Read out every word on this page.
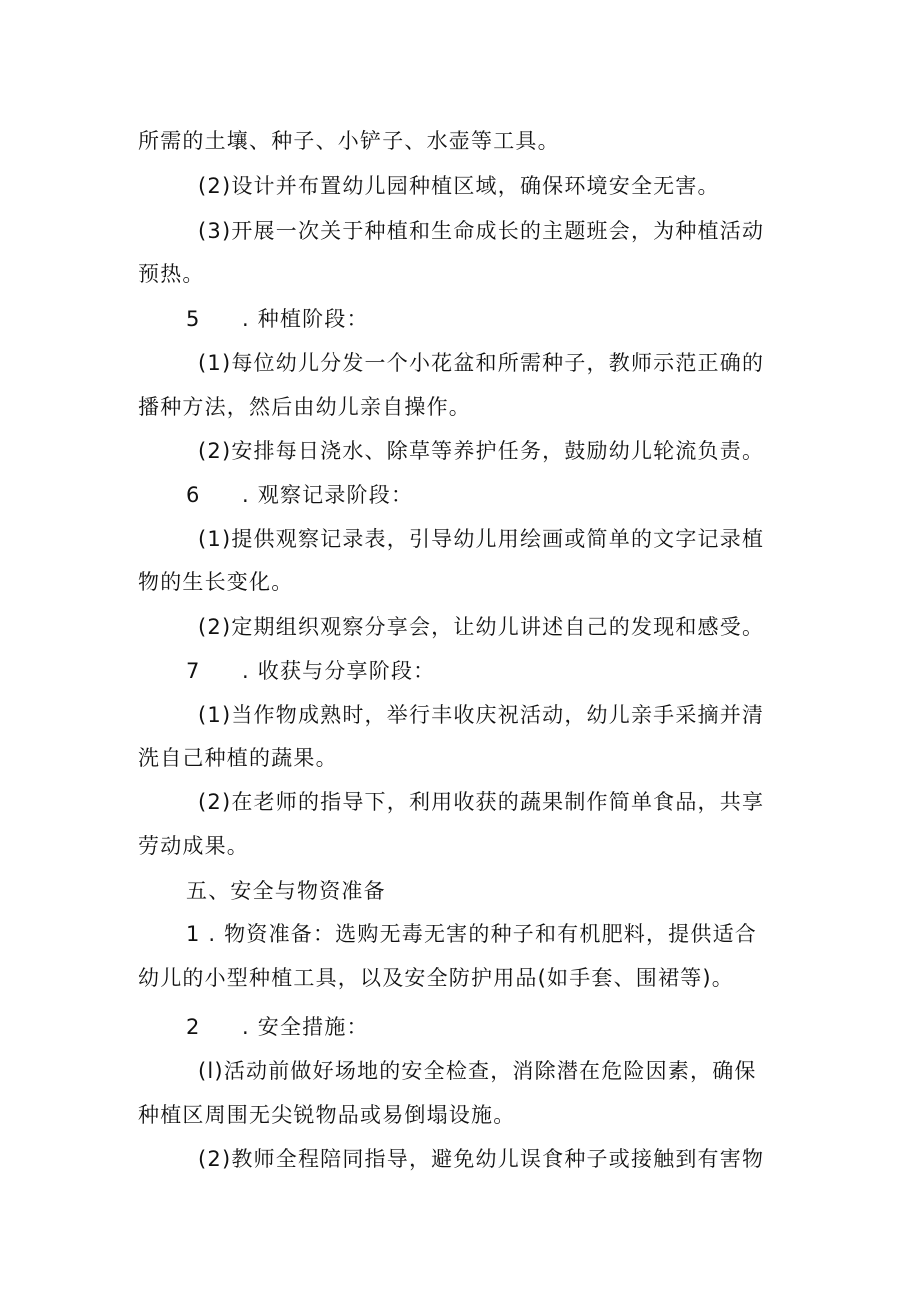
所需的土壤、种子、小铲子、水壶等工具。
(2)设计并布置幼儿园种植区域，确保环境安全无害。
(3)开展一次关于种植和生命成长的主题班会，为种植活动
预热。
5 . 种植阶段：
(1)每位幼儿分发一个小花盆和所需种子，教师示范正确的
播种方法，然后由幼儿亲自操作。
(2)安排每日浇水、除草等养护任务，鼓励幼儿轮流负责。
6 . 观察记录阶段：
(1)提供观察记录表，引导幼儿用绘画或简单的文字记录植
物的生长变化。
(2)定期组织观察分享会，让幼儿讲述自己的发现和感受。
7 . 收获与分享阶段：
(1)当作物成熟时，举行丰收庆祝活动，幼儿亲手采摘并清
洗自己种植的蔬果。
(2)在老师的指导下，利用收获的蔬果制作简单食品，共享
劳动成果。
五、安全与物资准备
1 . 物资准备：选购无毒无害的种子和有机肥料，提供适合
幼儿的小型种植工具，以及安全防护用品(如手套、围裙等)。
2 . 安全措施：
(l)活动前做好场地的安全检查，消除潜在危险因素，确保
种植区周围无尖锐物品或易倒塌设施。
(2)教师全程陪同指导，避免幼儿误食种子或接触到有害物
